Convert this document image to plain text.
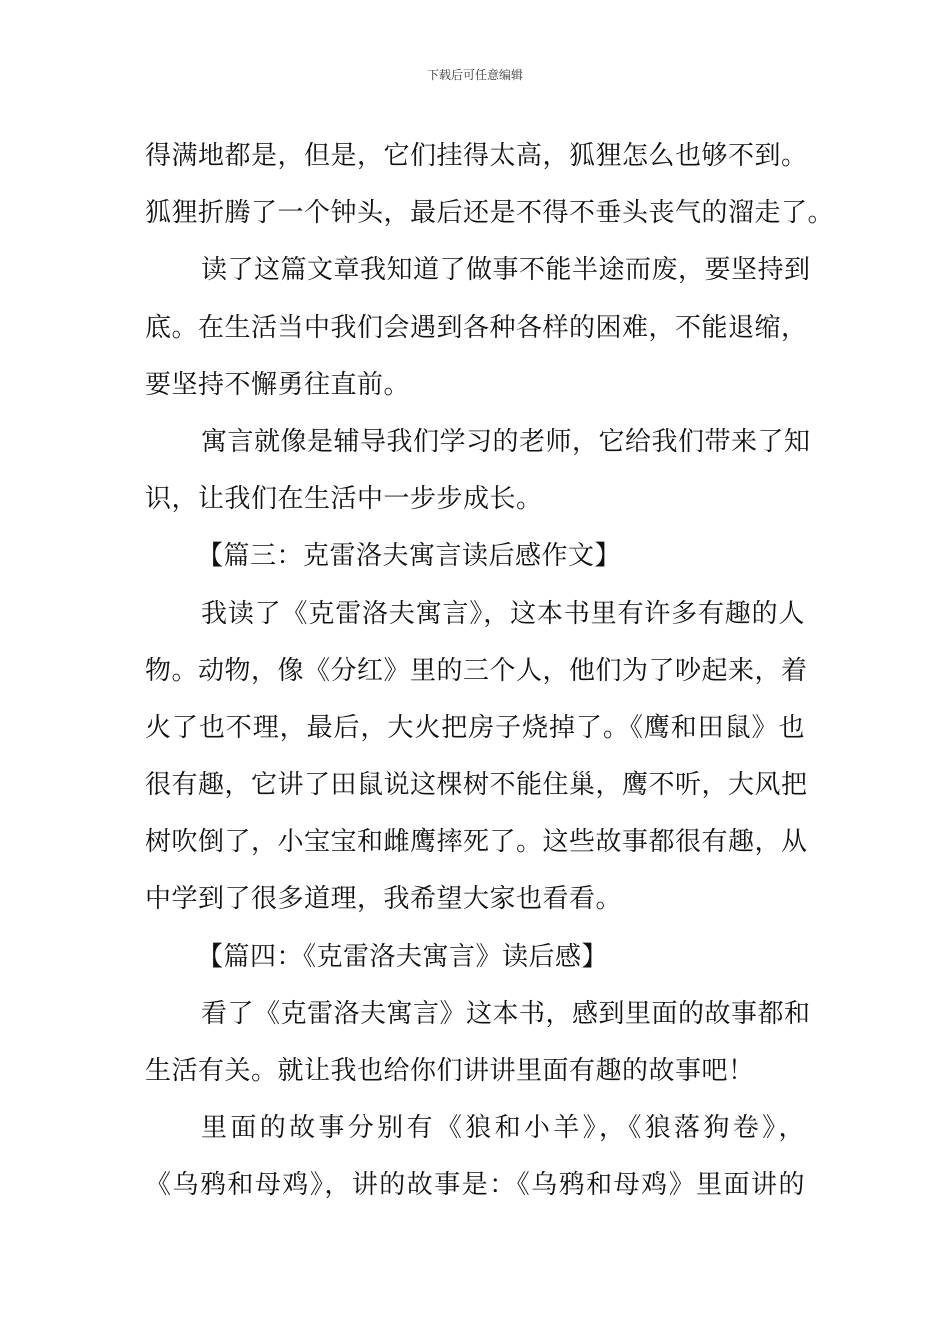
下载后可任意编辑
得满地都是，但是，它们挂得太高，狐狸怎么也够不到。
狐狸折腾了一个钟头，最后还是不得不垂头丧气的溜走了。
读了这篇文章我知道了做事不能半途而废，要坚持到
底。在生活当中我们会遇到各种各样的困难，不能退缩，
要坚持不懈勇往直前。
寓言就像是辅导我们学习的老师，它给我们带来了知
识，让我们在生活中一步步成长。
【篇三：克雷洛夫寓言读后感作文】
我读了《克雷洛夫寓言》，这本书里有许多有趣的人
物。动物，像《分红》里的三个人，他们为了吵起来，着
火了也不理，最后，大火把房子烧掉了。《鹰和田鼠》也
很有趣，它讲了田鼠说这棵树不能住巢，鹰不听，大风把
树吹倒了，小宝宝和雌鹰摔死了。这些故事都很有趣，从
中学到了很多道理，我希望大家也看看。
【篇四：《克雷洛夫寓言》读后感】
看了《克雷洛夫寓言》这本书，感到里面的故事都和
生活有关。就让我也给你们讲讲里面有趣的故事吧！
里面的故事分别有《狼和小羊》，《狼落狗卷》，
《乌鸦和母鸡》，讲的故事是：《乌鸦和母鸡》里面讲的
